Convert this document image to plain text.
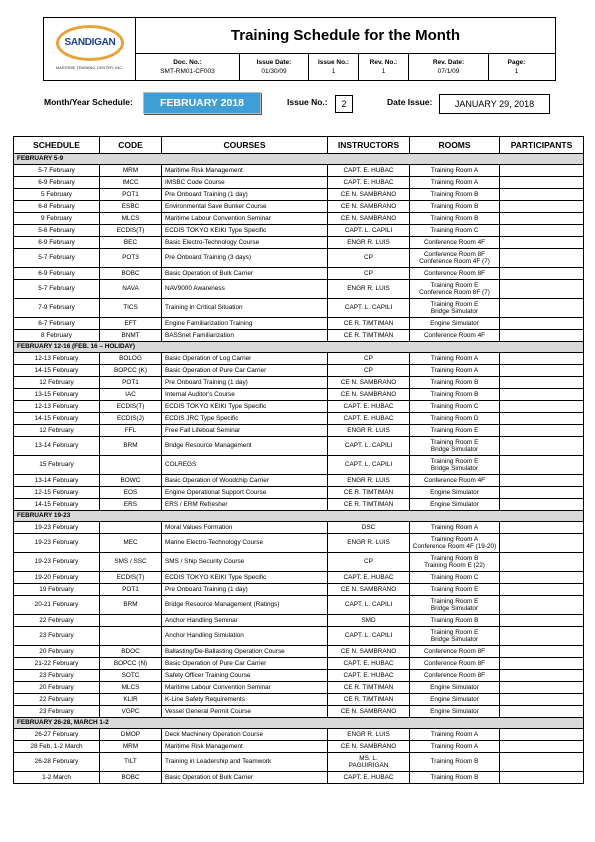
SANDIGAN
MARITIME TRAINING CENTER, INC.
Training Schedule for the Month
Doc. No.:
SMT-RM01-CF003
Issue Date:
01/30/09
Issue No.:
1
Rev. No.:
1
Rev. Date:
07/1/09
Page:
1
Month/Year Schedule:	FEBRUARY 2018	Issue No.:	2	Date Issue:	JANUARY 29, 2018
SCHEDULE	CODE	COURSES	INSTRUCTORS	ROOMS	PARTICIPANTS
FEBRUARY 5-9					
5-7 February	MRM	Maritime Risk Management	CAPT. E. HUBAC	Training Room A	

6-9 February	IMCC	IMSBC Code Course	CAPT. E. HUBAC	Training Room A	

5 February	POT1	Pre Onboard Training (1 day)	CE N. SAMBRANO	Training Room B	

6-8 February	ESBC	Environmental Save Bunker Course	CE N. SAMBRANO	Training Room B	

9 February	MLCS	Maritime Labour Convention Seminar	CE N. SAMBRANO	Training Room B	

5-6 February	ECDIS(T)	ECDIS TOKYO KEIKI Type Specific	CAPT. L. CAPILI	Training Room C	

6-9 February	BEC	Basic Electro-Technology Course	ENGR R. LUIS	Conference Room 4F	

5-7 February	POT3	Pre Onboard Training (3 days)	CP	Conference Room 8F
Conference Room 4F (7)	

6-9 February	BOBC	Basic Operation of Bulk Carrier	CP	Conference Room 8F	

5-7 February	NAVA	NAV9000 Awareness	ENGR R. LUIS	Training Room E
Conference Room 8F (7)	

7-9 February	TICS	Training in Critical Situation	CAPT. L. CAPILI	Training Room E
Bridge Simulator	

6-7 February	EFT	Engine Familiarization Training	CE R. TIMTIMAN	Engine Simulator	

8 February	BNMT	BASSnet Familiarization	CE R. TIMTIMAN	Conference Room 4F	

FEBRUARY 12-16 (FEB. 16 – HOLIDAY)					
12-13 February	BOLOG	Basic Operation of Log Carrier	CP	Training Room A	

14-15 February	BOPCC (K)	Basic Operation of Pure Car Carrier	CP	Training Room A	

12 February	POT1	Pre Onboard Training (1 day)	CE N. SAMBRANO	Training Room B	

13-15 February	IAC	Internal Auditor's Course	CE N. SAMBRANO	Training Room B	

12-13 February	ECDIS(T)	ECDIS TOKYO KEIKI Type Specific	CAPT. E. HUBAC	Training Room C	

14-15 February	ECDIS(J)	ECDIS JRC Type Specific	CAPT. E. HUBAC	Training Room D	

12 February	FFL	Free Fall Lifeboat Seminar	ENGR R. LUIS	Training Room E	

13-14 February	BRM	Bridge Resource Management	CAPT. L. CAPILI	Training Room E
Bridge Simulator	

15 February		COLREGS	CAPT. L. CAPILI	Training Room E
Bridge Simulator	

13-14 February	BOWC	Basic Operation of Woodchip Carrier	ENGR R. LUIS	Conference Room 4F	

12-15 February	EOS	Engine Operational Support Course	CE R. TIMTIMAN	Engine Simulator	

14-15 February	ERS	ERS / ERM Refresher	CE R. TIMTIMAN	Engine Simulator	

FEBRUARY 19-23					
19-23 February		Moral Values Formation	DSC	Training Room A	

19-23 February	MEC	Marine Electro-Technology Course	ENGR R. LUIS	Training Room A
Conference Room 4F (19-20)	

19-23 February	SMS / SSC	SMS / Ship Security Course	CP	Training Room B
Training Room E (22)	

19-20 February	ECDIS(T)	ECDIS TOKYO KEIKI Type Specific	CAPT. E. HUBAC	Training Room C	

19 February	POT1	Pre Onboard Training (1 day)	CE N. SAMBRANO	Training Room E	

20-21 February	BRM	Bridge Resource Management (Ratings)	CAPT. L. CAPILI	Training Room E
Bridge Simulator	

22 February		Anchor Handling Seminar	SMD	Training Room B	

23 February		Anchor Handling Simulation	CAPT. L. CAPILI	Training Room E
Bridge Simulator	

20 February	BDOC	Ballasting/De-Ballasting Operation Course	CE N. SAMBRANO	Conference Room 8F	

21-22 February	BOPCC (N)	Basic Operation of Pure Car Carrier	CAPT. E. HUBAC	Conference Room 8F	

23 February	SOTC	Safety Officer Training Course	CAPT. E. HUBAC	Conference Room 8F	

20 February	MLCS	Maritime Labour Convention Seminar	CE R. TIMTIMAN	Engine Simulator	

22 February	KLIR	K-Line Safety Requirements	CE R. TIMTIMAN	Engine Simulator	

23 February	VGPC	Vessel General Permit Course	CE N. SAMBRANO	Engine Simulator	

FEBRUARY 26-28, MARCH 1-2					
26-27 February	DMOP	Deck Machinery Operation Course	ENGR R. LUIS	Training Room A	

28 Feb, 1-2 March	MRM	Maritime Risk Management	CE N. SAMBRANO	Training Room A	

26-28 February	TILT	Training in Leadership and Teamwork	MS. L.
PAGUIRIGAN	Training Room B	

1-2 March	BOBC	Basic Operation of Bulk Carrier	CAPT. E. HUBAC	Training Room B	
